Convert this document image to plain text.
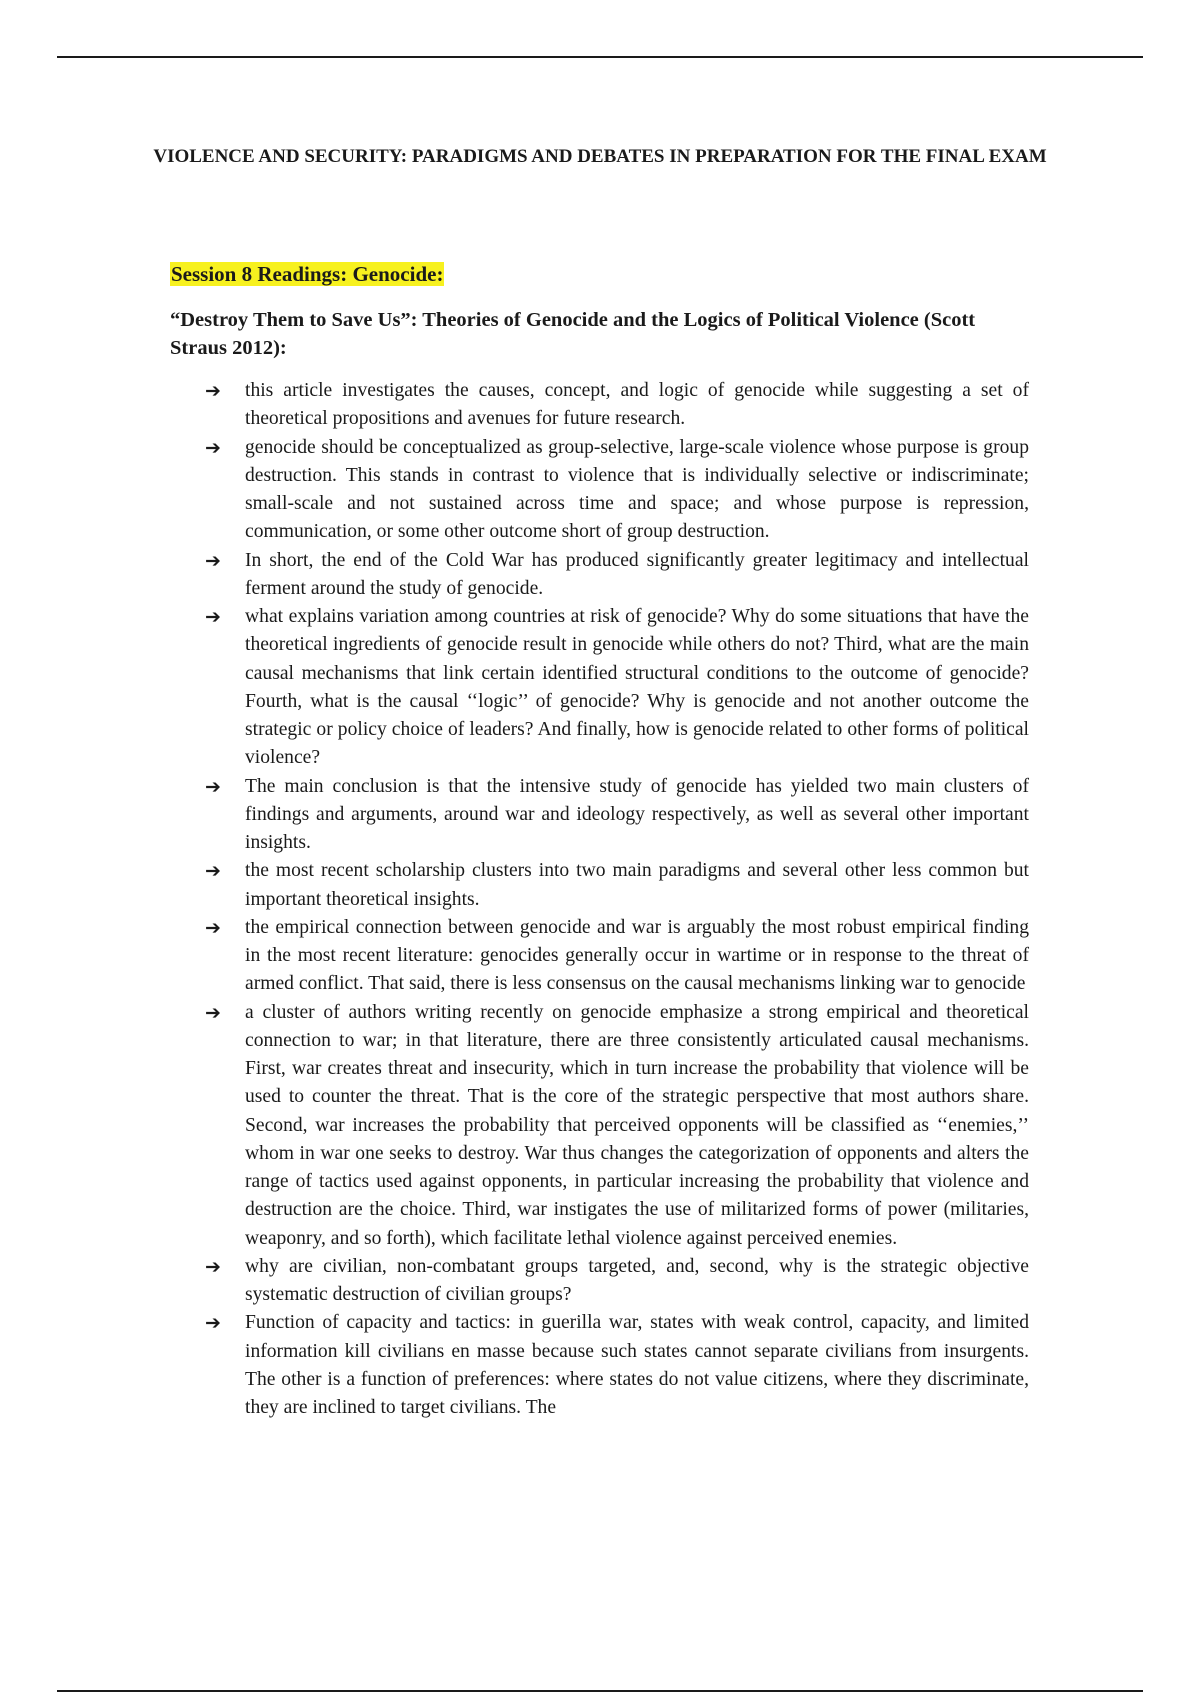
VIOLENCE AND SECURITY: PARADIGMS AND DEBATES IN PREPARATION FOR THE FINAL EXAM
Session 8 Readings: Genocide:
“Destroy Them to Save Us”: Theories of Genocide and the Logics of Political Violence (Scott Straus 2012):
➔ this article investigates the causes, concept, and logic of genocide while suggesting a set of theoretical propositions and avenues for future research.
➔ genocide should be conceptualized as group-selective, large-scale violence whose purpose is group destruction. This stands in contrast to violence that is individually selective or indiscriminate; small-scale and not sustained across time and space; and whose purpose is repression, communication, or some other outcome short of group destruction.
➔ In short, the end of the Cold War has produced significantly greater legitimacy and intellectual ferment around the study of genocide.
➔ what explains variation among countries at risk of genocide? Why do some situations that have the theoretical ingredients of genocide result in genocide while others do not? Third, what are the main causal mechanisms that link certain identified structural conditions to the outcome of genocide? Fourth, what is the causal ‘‘logic’’ of genocide? Why is genocide and not another outcome the strategic or policy choice of leaders? And finally, how is genocide related to other forms of political violence?
➔ The main conclusion is that the intensive study of genocide has yielded two main clusters of findings and arguments, around war and ideology respectively, as well as several other important insights.
➔ the most recent scholarship clusters into two main paradigms and several other less common but important theoretical insights.
➔ the empirical connection between genocide and war is arguably the most robust empirical finding in the most recent literature: genocides generally occur in wartime or in response to the threat of armed conflict. That said, there is less consensus on the causal mechanisms linking war to genocide
➔ a cluster of authors writing recently on genocide emphasize a strong empirical and theoretical connection to war; in that literature, there are three consistently articulated causal mechanisms. First, war creates threat and insecurity, which in turn increase the probability that violence will be used to counter the threat. That is the core of the strategic perspective that most authors share. Second, war increases the probability that perceived opponents will be classified as ‘‘enemies,’’ whom in war one seeks to destroy. War thus changes the categorization of opponents and alters the range of tactics used against opponents, in particular increasing the probability that violence and destruction are the choice. Third, war instigates the use of militarized forms of power (militaries, weaponry, and so forth), which facilitate lethal violence against perceived enemies.
➔ why are civilian, non-combatant groups targeted, and, second, why is the strategic objective systematic destruction of civilian groups?
➔ Function of capacity and tactics: in guerilla war, states with weak control, capacity, and limited information kill civilians en masse because such states cannot separate civilians from insurgents. The other is a function of preferences: where states do not value citizens, where they discriminate, they are inclined to target civilians. The
